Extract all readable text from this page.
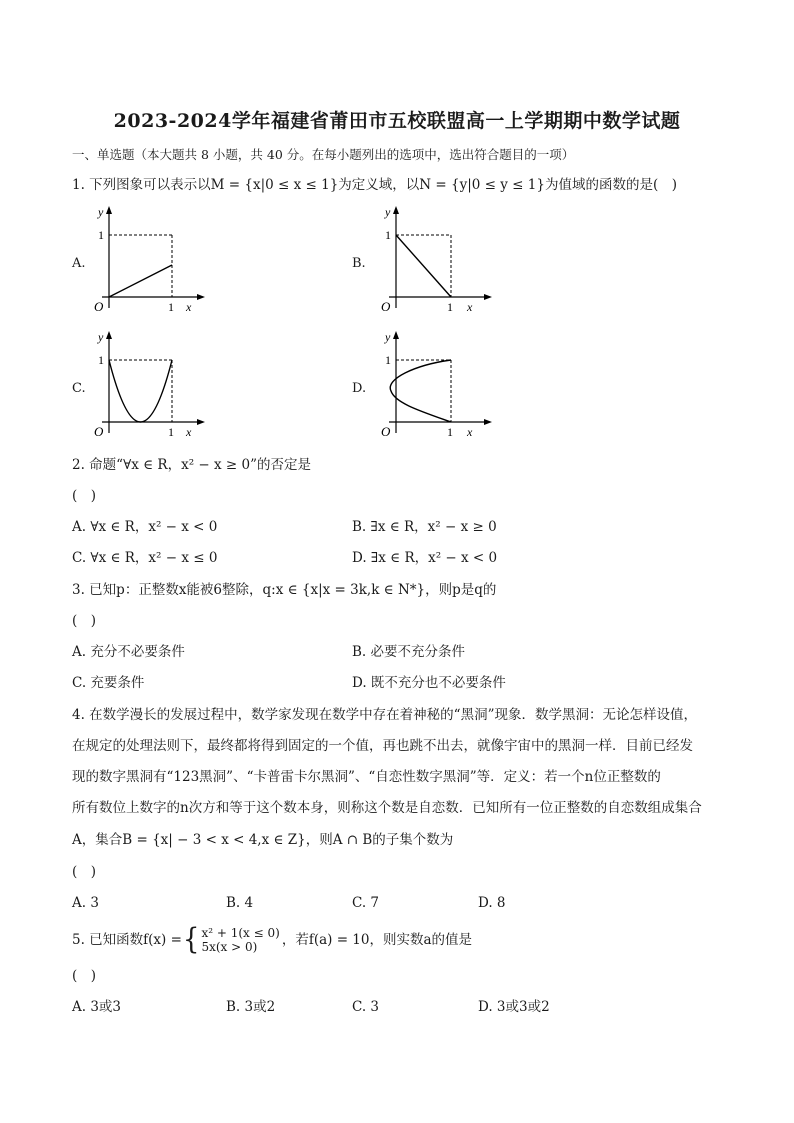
2023-2024学年福建省莆田市五校联盟高一上学期期中数学试题
一、单选题（本大题共 8 小题，共 40 分。在每小题列出的选项中，选出符合题目的一项）
1. 下列图象可以表示以M = {x|0 ≤ x ≤ 1}为定义域，以N = {y|0 ≤ y ≤ 1}为值域的函数的是(　)
A.
y
1
O	1 x
B.
y
1
O	1 x
C.
y
1
O	1 x
D.
y
1
O	1 x
2. 命题“∀x ∈ R，x² − x ≥ 0”的否定是
(　)
A. ∀x ∈ R，x² − x < 0	B. ∃x ∈ R，x² − x ≥ 0
C. ∀x ∈ R，x² − x ≤ 0	D. ∃x ∈ R，x² − x < 0
3. 已知p：正整数x能被6整除，q:x ∈ {x|x = 3k,k ∈ N*}，则p是q的
(　)
A. 充分不必要条件	B. 必要不充分条件
C. 充要条件	D. 既不充分也不必要条件
4. 在数学漫长的发展过程中，数学家发现在数学中存在着神秘的“黑洞”现象．数学黑洞：无论怎样设值，
在规定的处理法则下，最终都将得到固定的一个值，再也跳不出去，就像宇宙中的黑洞一样．目前已经发
现的数字黑洞有“123黑洞”、“卡普雷卡尔黑洞”、“自恋性数字黑洞”等．定义：若一个n位正整数的
所有数位上数字的n次方和等于这个数本身，则称这个数是自恋数．已知所有一位正整数的自恋数组成集合
A，集合B = {x| − 3 < x < 4,x ∈ Z}，则A ∩ B的子集个数为
(　)
A. 3	B. 4	C. 7	D. 8
5. 已知函数f(x) = { x² + 1(x ≤ 0)
5x(x > 0)	，若f(a) = 10，则实数a的值是
(　)
A. 3或3	B. 3或2	C. 3	D. 3或3或2
